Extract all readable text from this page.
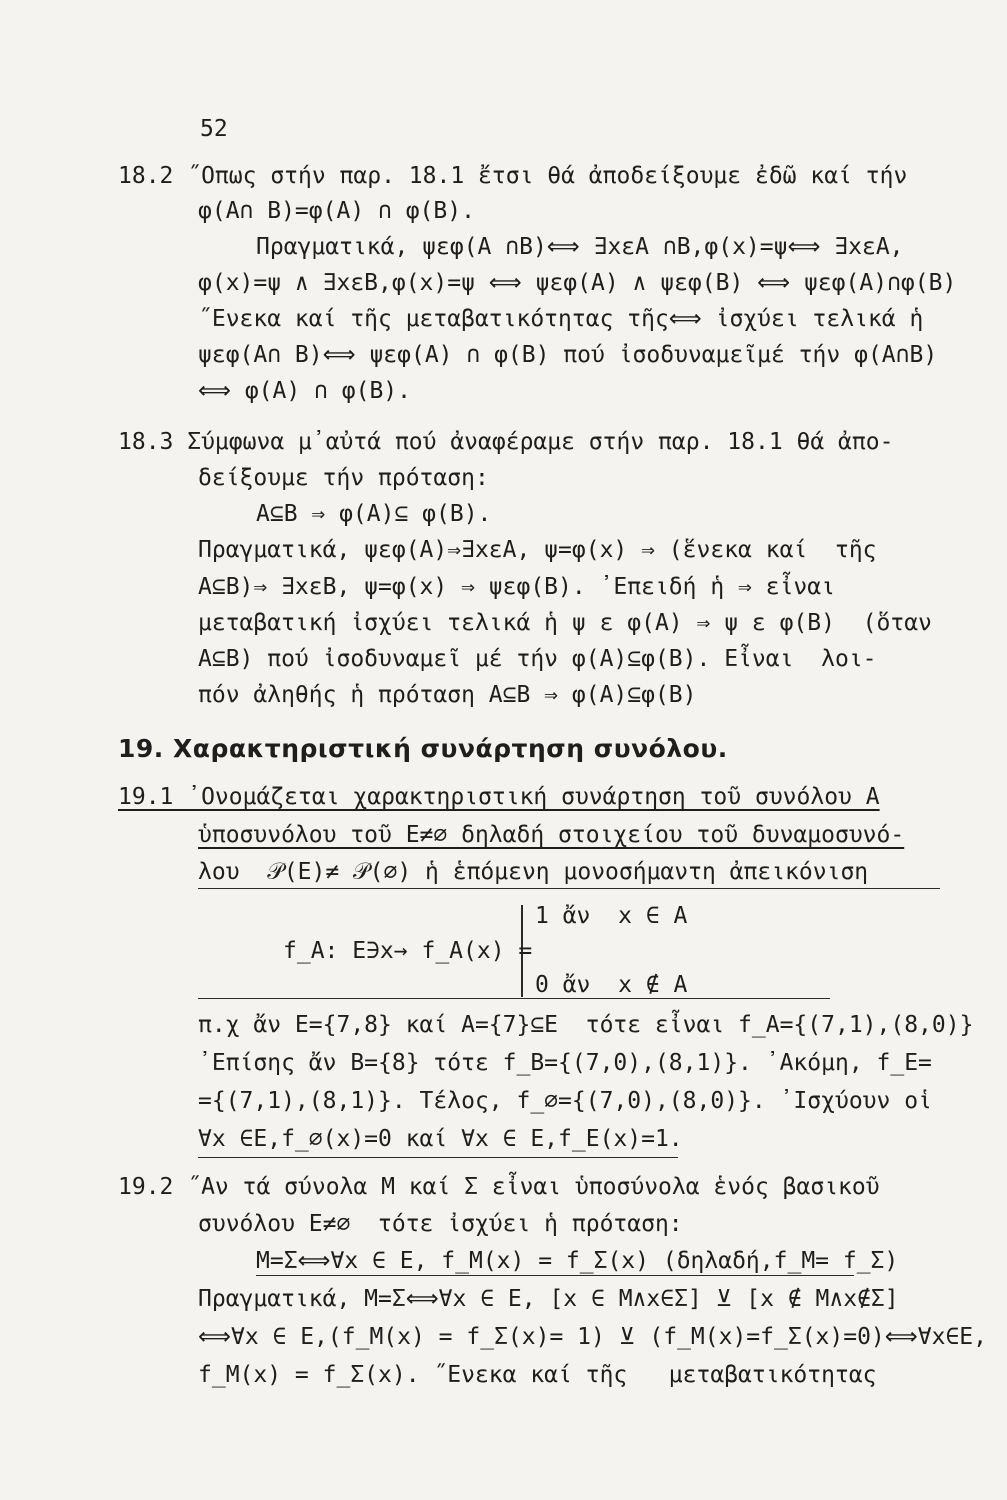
52
18.2 ˝Οπως στήν παρ. 18.1 ἔτσι θά ἀποδείξουμε ἐδῶ καί τήν
φ(A∩ B)=φ(A) ∩ φ(B).
Πραγματικά, ψεφ(A ∩B)⟺ ∃xεA ∩B,φ(x)=ψ⟺ ∃xεA,
φ(x)=ψ ∧ ∃xεB,φ(x)=ψ ⟺ ψεφ(A) ∧ ψεφ(B) ⟺ ψεφ(A)∩φ(B)
˝Ενεκα καί τῆς μεταβατικότητας τῆς⟺ ἰσχύει τελικά ἡ
ψεφ(A∩ B)⟺ ψεφ(A) ∩ φ(B) πού ἰσοδυναμεῖμέ τήν φ(A∩B)
⟺ φ(A) ∩ φ(B).
18.3 Σύμφωνα μ᾽αὐτά πού ἀναφέραμε στήν παρ. 18.1 θά ἀπο-
δείξουμε τήν πρόταση:
A⊆B ⇒ φ(A)⊆ φ(B).
Πραγματικά, ψεφ(A)⇒∃xεA, ψ=φ(x) ⇒ (ἕνεκα καί  τῆς
A⊆B)⇒ ∃xεB, ψ=φ(x) ⇒ ψεφ(B). ᾽Επειδή ἡ ⇒ εἶναι
μεταβατική ἰσχύει τελικά ἡ ψ ε φ(A) ⇒ ψ ε φ(B)  (ὅταν
A⊆B) πού ἰσοδυναμεῖ μέ τήν φ(A)⊆φ(B). Εἶναι  λοι-
πόν ἀληθής ἡ πρόταση A⊆B ⇒ φ(A)⊆φ(B)
19. Χαρακτηριστική συνάρτηση συνόλου.
19.1 ᾽Ονομάζεται χαρακτηριστική συνάρτηση τοῦ συνόλου A
ὑποσυνόλου τοῦ E≠∅ δηλαδή στοιχείου τοῦ δυναμοσυνό-
λου  𝒫(E)≠ 𝒫(∅) ἡ ἑπόμενη μονοσήμαντη ἀπεικόνιση
1 ἄν  x ∈ A
f_A: E∋x→ f_A(x) =
0 ἄν  x ∉ A
π.χ ἄν E={7,8} καί A={7}⊆E  τότε εἶναι f_A={(7,1),(8,0)}
᾽Επίσης ἄν B={8} τότε f_B={(7,0),(8,1)}. ᾽Ακόμη, f_E=
={(7,1),(8,1)}. Τέλος, f_∅={(7,0),(8,0)}. ᾽Ισχύουν οἱ
∀x ∈E,f_∅(x)=0 καί ∀x ∈ E,f_E(x)=1.
19.2 ˝Αν τά σύνολα M καί Σ εἶναι ὑποσύνολα ἑνός βασικοῦ
συνόλου E≠∅  τότε ἰσχύει ἡ πρόταση:
M=Σ⟺∀x ∈ E, f_M(x) = f_Σ(x) (δηλαδή,f_M= f_Σ)
Πραγματικά, M=Σ⟺∀x ∈ E, [x ∈ M∧x∈Σ] ⊻ [x ∉ M∧x∉Σ]
⟺∀x ∈ E,(f_M(x) = f_Σ(x)= 1) ⊻ (f_M(x)=f_Σ(x)=0)⟺∀x∈E,
f_M(x) = f_Σ(x). ˝Ενεκα καί τῆς   μεταβατικότητας
